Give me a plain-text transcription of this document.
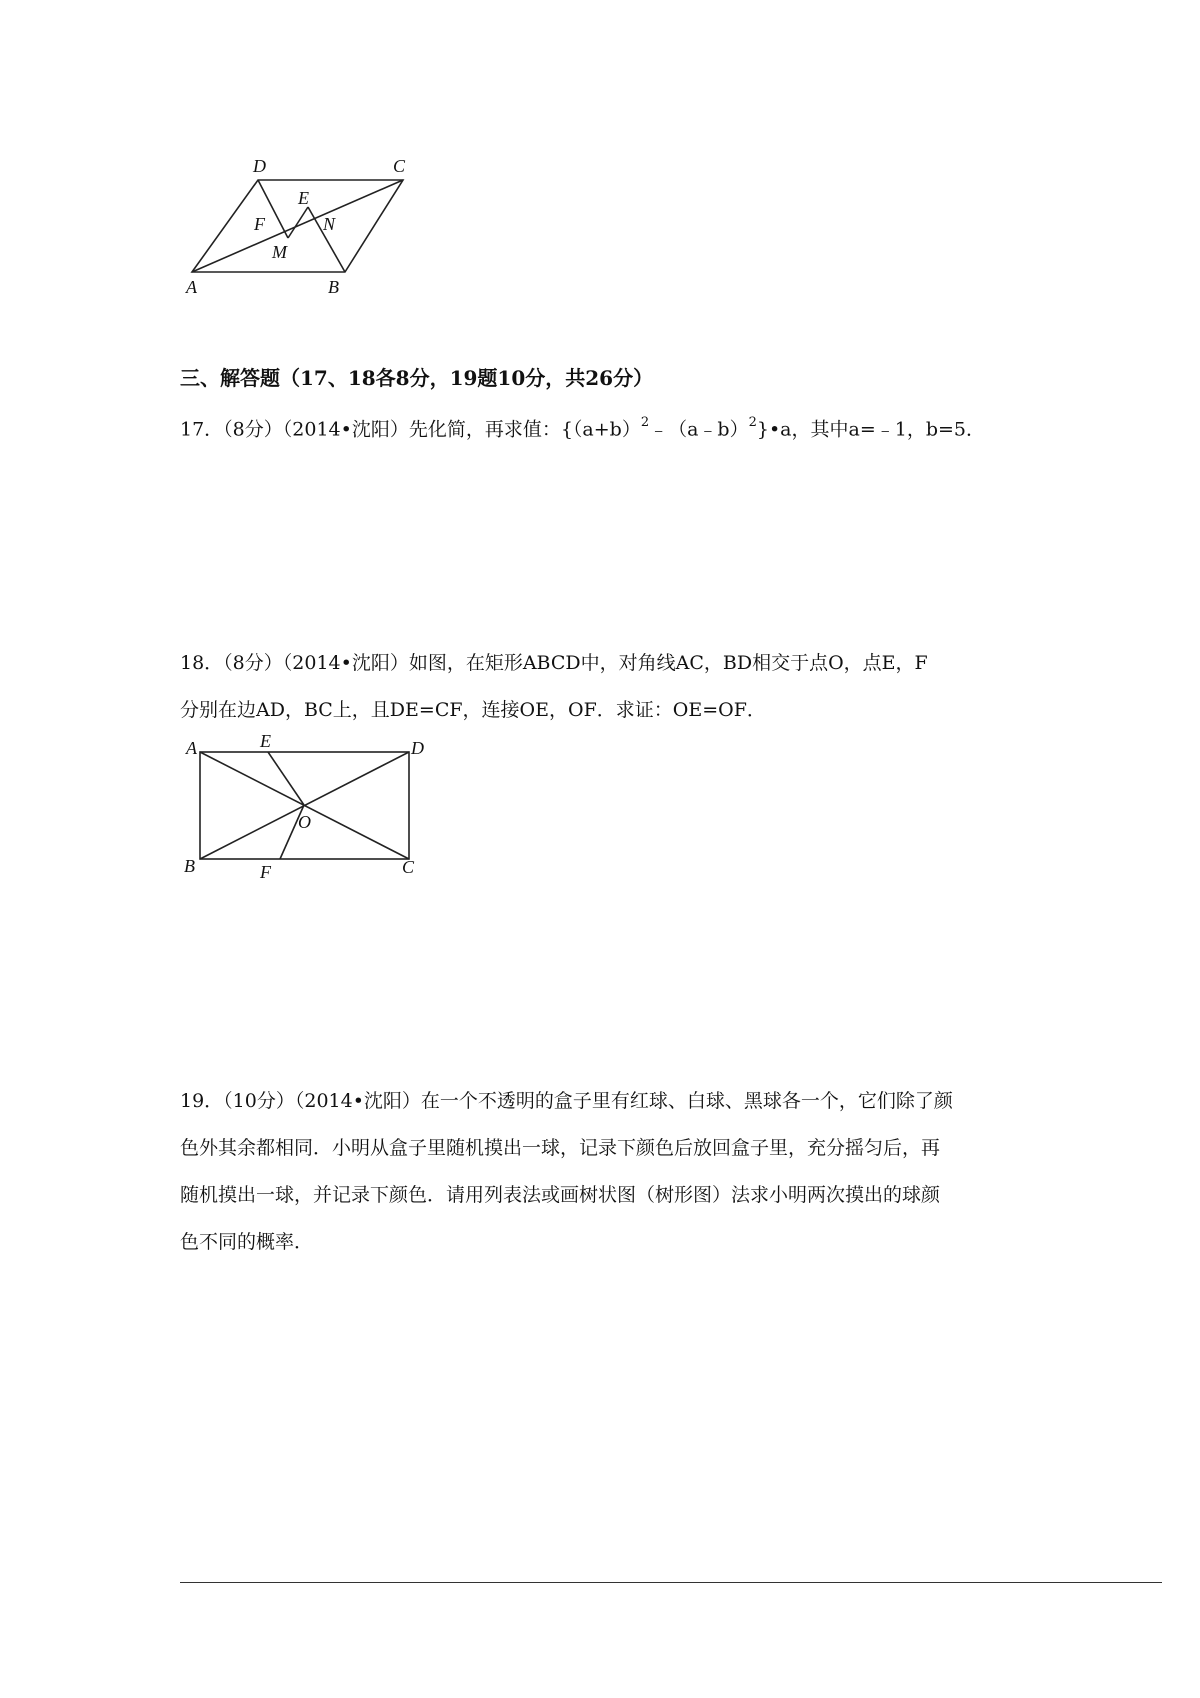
D	C
E
F	N
M
A	B
三、解答题（17、18各8分，19题10分，共26分）
17．（8分）（2014•沈阳）先化简，再求值：$\{(a+b)^2﹣(a﹣b)^2\}•a$，其中a=﹣1，b=5．
18．（8分）（2014•沈阳）如图，在矩形ABCD中，对角线AC，BD相交于点O，点E，F
分别在边AD，BC上，且DE=CF，连接OE，OF．求证：OE=OF．
A	E	D
O
B	F	C
19．（10分）（2014•沈阳）在一个不透明的盒子里有红球、白球、黑球各一个，它们除了颜
色外其余都相同．小明从盒子里随机摸出一球，记录下颜色后放回盒子里，充分摇匀后，再
随机摸出一球，并记录下颜色．请用列表法或画树状图（树形图）法求小明两次摸出的球颜
色不同的概率．
